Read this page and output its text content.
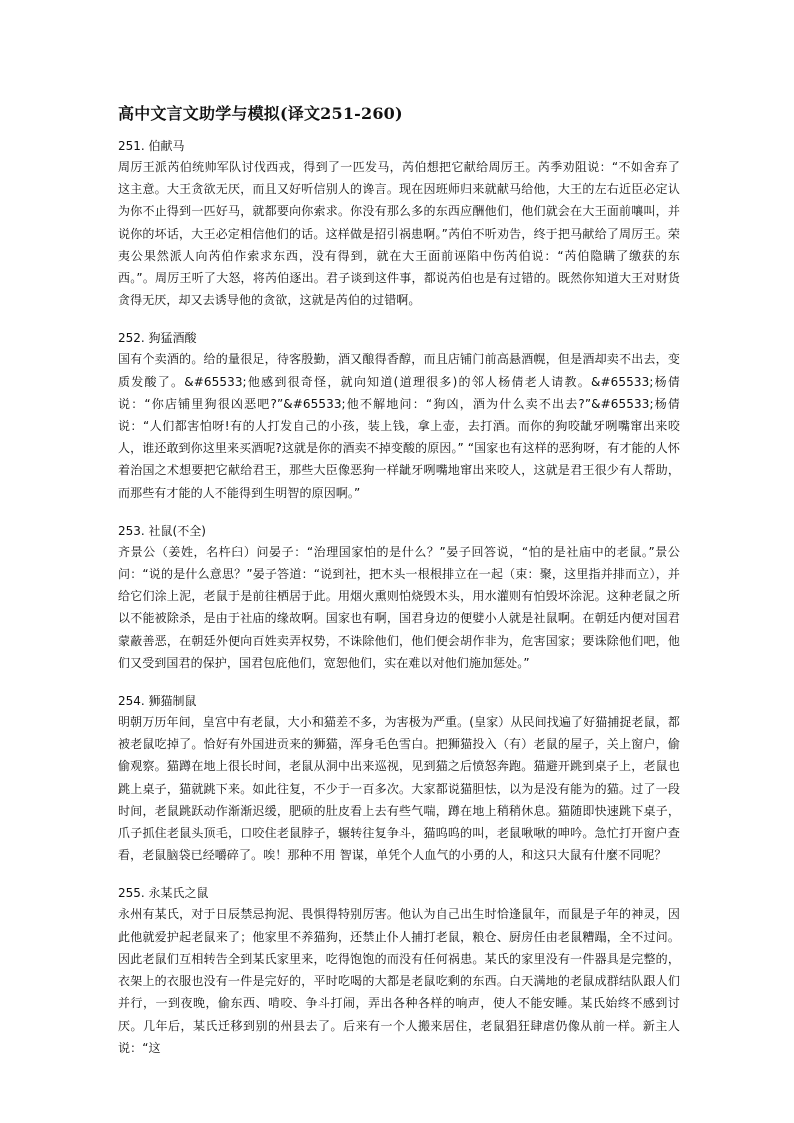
高中文言文助学与模拟(译文251-260)

251. 伯献马

周厉王派芮伯统帅军队讨伐西戎，得到了一匹发马，芮伯想把它献给周厉王。芮季劝阻说：“不如舍弃了这主意。大王贪欲无厌，而且又好听信别人的谗言。现在因班师归来就献马给他，大王的左右近臣必定认为你不止得到一匹好马，就都要向你索求。你没有那么多的东西应酬他们，他们就会在大王面前嚷叫，并说你的坏话，大王必定相信他们的话。这样做是招引祸患啊。”芮伯不听劝告，终于把马献给了周厉王。荣夷公果然派人向芮伯作索求东西，没有得到，就在大王面前诬陷中伤芮伯说：“芮伯隐瞒了缴获的东西。”。周厉王听了大怒，将芮伯逐出。君子谈到这件事，都说芮伯也是有过错的。既然你知道大王对财货贪得无厌，却又去诱导他的贪欲，这就是芮伯的过错啊。

252. 狗猛酒酸

国有个卖酒的。给的量很足，待客殷勤，酒又酿得香醇，而且店铺门前高悬酒幌，但是酒却卖不出去，变质发酸了。&#65533;他感到很奇怪，就向知道(道理很多)的邻人杨倩老人请教。&#65533;杨倩说：“你店铺里狗很凶恶吧?”&#65533;他不解地问：“狗凶，酒为什么卖不出去?”&#65533;杨倩说：“人们都害怕呀!有的人打发自己的小孩，装上钱，拿上壶，去打酒。而你的狗咬龇牙咧嘴窜出来咬人，谁还敢到你这里来买酒呢?这就是你的酒卖不掉变酸的原因。” “国家也有这样的恶狗呀，有才能的人怀着治国之术想要把它献给君王，那些大臣像恶狗一样龇牙咧嘴地窜出来咬人，这就是君王很少有人帮助，而那些有才能的人不能得到生明智的原因啊。”

253. 社鼠(不全)

齐景公（姜姓，名杵臼）问晏子：“治理国家怕的是什么？”晏子回答说，“怕的是社庙中的老鼠。”景公问：“说的是什么意思？”晏子答道：“说到社，把木头一根根排立在一起（束：聚，这里指并排而立），并给它们涂上泥，老鼠于是前往栖居于此。用烟火熏则怕烧毁木头，用水灌则有怕毁坏涂泥。这种老鼠之所以不能被除杀，是由于社庙的缘故啊。国家也有啊，国君身边的便嬖小人就是社鼠啊。在朝廷内便对国君蒙蔽善恶，在朝廷外便向百姓卖弄权势，不诛除他们，他们便会胡作非为，危害国家；要诛除他们吧，他们又受到国君的保护，国君包庇他们，宽恕他们，实在难以对他们施加惩处。”

254. 狮猫制鼠

明朝万历年间，皇宫中有老鼠，大小和猫差不多，为害极为严重。(皇家）从民间找遍了好猫捕捉老鼠，都被老鼠吃掉了。恰好有外国进贡来的狮猫，浑身毛色雪白。把狮猫投入（有）老鼠的屋子，关上窗户，偷偷观察。猫蹲在地上很长时间，老鼠从洞中出来巡视，见到猫之后愤怒奔跑。猫避开跳到桌子上，老鼠也跳上桌子，猫就跳下来。如此往复，不少于一百多次。大家都说猫胆怯，以为是没有能为的猫。过了一段时间，老鼠跳跃动作渐渐迟缓，肥硕的肚皮看上去有些气喘，蹲在地上稍稍休息。猫随即快速跳下桌子，爪子抓住老鼠头顶毛，口咬住老鼠脖子，辗转往复争斗，猫呜呜的叫，老鼠啾啾的呻吟。急忙打开窗户查看，老鼠脑袋已经嚼碎了。唉！那种不用 智谋，单凭个人血气的小勇的人，和这只大鼠有什麼不同呢？

255. 永某氏之鼠

永州有某氏，对于日辰禁忌拘泥、畏惧得特别厉害。他认为自己出生时恰逢鼠年，而鼠是子年的神灵，因此他就爱护起老鼠来了；他家里不养猫狗，还禁止仆人捕打老鼠，粮仓、厨房任由老鼠糟蹋，全不过问。因此老鼠们互相转告全到某氏家里来，吃得饱饱的而没有任何祸患。某氏的家里没有一件器具是完整的，衣架上的衣服也没有一件是完好的，平时吃喝的大都是老鼠吃剩的东西。白天满地的老鼠成群结队跟人们并行，一到夜晚，偷东西、啃咬、争斗打闹，弄出各种各样的响声，使人不能安睡。某氏始终不感到讨厌。几年后，某氏迁移到别的州县去了。后来有一个人搬来居住，老鼠猖狂肆虐仍像从前一样。新主人说：“这
